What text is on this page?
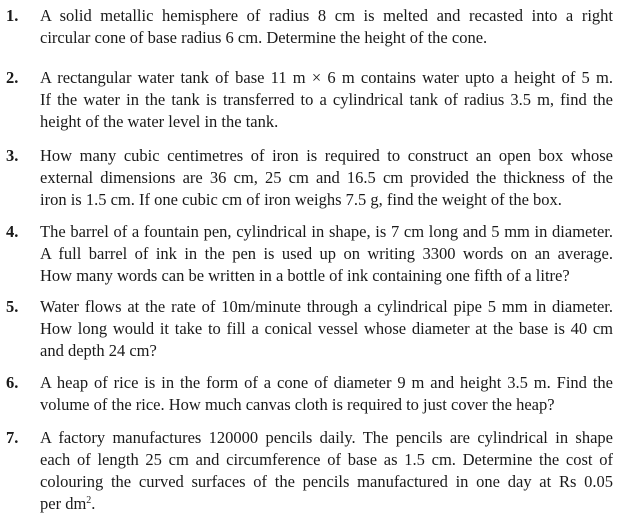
1. A solid metallic hemisphere of radius 8 cm is melted and recasted into a right
circular cone of base radius 6 cm. Determine the height of the cone.
2. A rectangular water tank of base 11 m × 6 m contains water upto a height of 5 m.
If the water in the tank is transferred to a cylindrical tank of radius 3.5 m, find the
height of the water level in the tank.
3. How many cubic centimetres of iron is required to construct an open box whose
external dimensions are 36 cm, 25 cm and 16.5 cm provided the thickness of the
iron is 1.5 cm. If one cubic cm of iron weighs 7.5 g, find the weight of the box.
4. The barrel of a fountain pen, cylindrical in shape, is 7 cm long and 5 mm in diameter.
A full barrel of ink in the pen is used up on writing 3300 words on an average.
How many words can be written in a bottle of ink containing one fifth of a litre?
5. Water flows at the rate of 10m/minute through a cylindrical pipe 5 mm in diameter.
How long would it take to fill a conical vessel whose diameter at the base is 40 cm
and depth 24 cm?
6. A heap of rice is in the form of a cone of diameter 9 m and height 3.5 m. Find the
volume of the rice. How much canvas cloth is required to just cover the heap?
7. A factory manufactures 120000 pencils daily. The pencils are cylindrical in shape
each of length 25 cm and circumference of base as 1.5 cm. Determine the cost of
colouring the curved surfaces of the pencils manufactured in one day at Rs 0.05
per $dm^2$.
